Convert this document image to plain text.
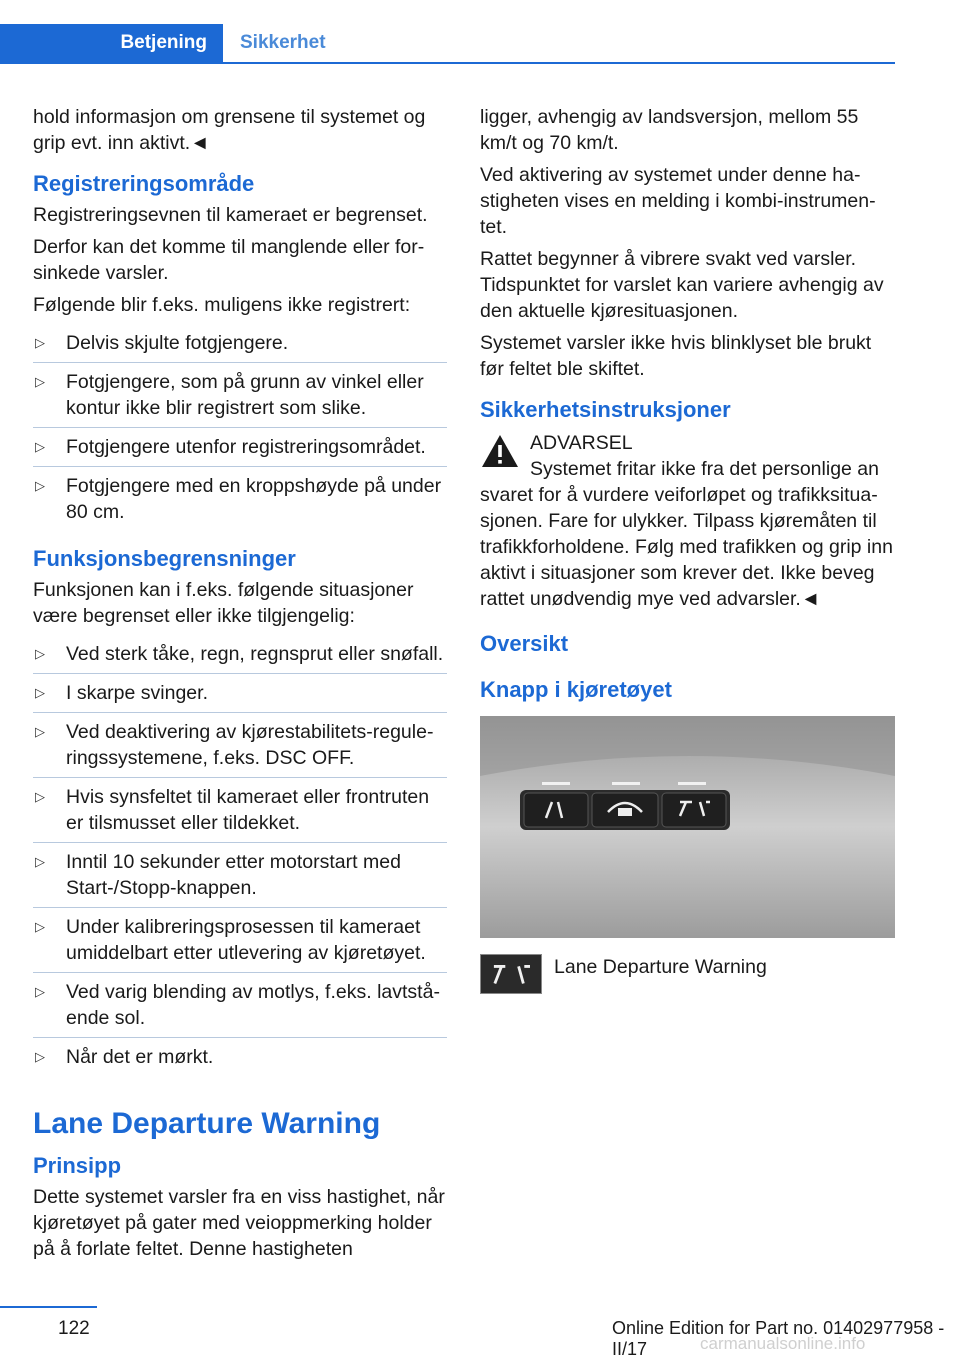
Betjening	Sikkerhet

hold informasjon om grensene til systemet og grip evt. inn aktivt.◄

Registreringsområde

Registreringsevnen til kameraet er begrenset.

Derfor kan det komme til manglende eller forsinkede varsler.

Følgende blir f.eks. muligens ikke registrert:

▷ Delvis skjulte fotgjengere.
▷ Fotgjengere, som på grunn av vinkel eller kontur ikke blir registrert som slike.
▷ Fotgjengere utenfor registreringsområdet.
▷ Fotgjengere med en kroppshøyde på under 80 cm.
Funksjonsbegrensninger

Funksjonen kan i f.eks. følgende situasjoner være begrenset eller ikke tilgjengelig:

▷ Ved sterk tåke, regn, regnsprut eller snøfall.
▷ I skarpe svinger.
▷ Ved deaktivering av kjørestabilitets-reguleringssystemene, f.eks. DSC OFF.
▷ Hvis synsfeltet til kameraet eller frontruten er tilsmusset eller tildekket.
▷ Inntil 10 sekunder etter motorstart med Start-/Stopp-knappen.
▷ Under kalibreringsprosessen til kameraet umiddelbart etter utlevering av kjøretøyet.
▷ Ved varig blending av motlys, f.eks. lavtstående sol.
▷ Når det er mørkt.
Lane Departure Warning
Prinsipp

Dette systemet varsler fra en viss hastighet, når kjøretøyet på gater med veioppmerking holder på å forlate feltet. Denne hastigheten

ligger, avhengig av landsversjon, mellom 55 km/t og 70 km/t.

Ved aktivering av systemet under denne hastigheten vises en melding i kombi-instrumentet.

Rattet begynner å vibrere svakt ved varsler. Tidspunktet for varslet kan variere avhengig av den aktuelle kjøresituasjonen.

Systemet varsler ikke hvis blinklyset ble brukt før feltet ble skiftet.

Sikkerhetsinstruksjoner

ADVARSEL

Systemet fritar ikke fra det personlige an

svaret for å vurdere veiforløpet og trafikksituasjonen. Fare for ulykker. Tilpass kjøremåten til trafikkforholdene. Følg med trafikken og grip inn aktivt i situasjoner som krever det. Ikke beveg rattet unødvendig mye ved advarsler.◄

Oversikt
Knapp i kjøretøyet
Lane Departure Warning
122	Online Edition for Part no. 01402977958 - II/17	carmanualsonline.info
